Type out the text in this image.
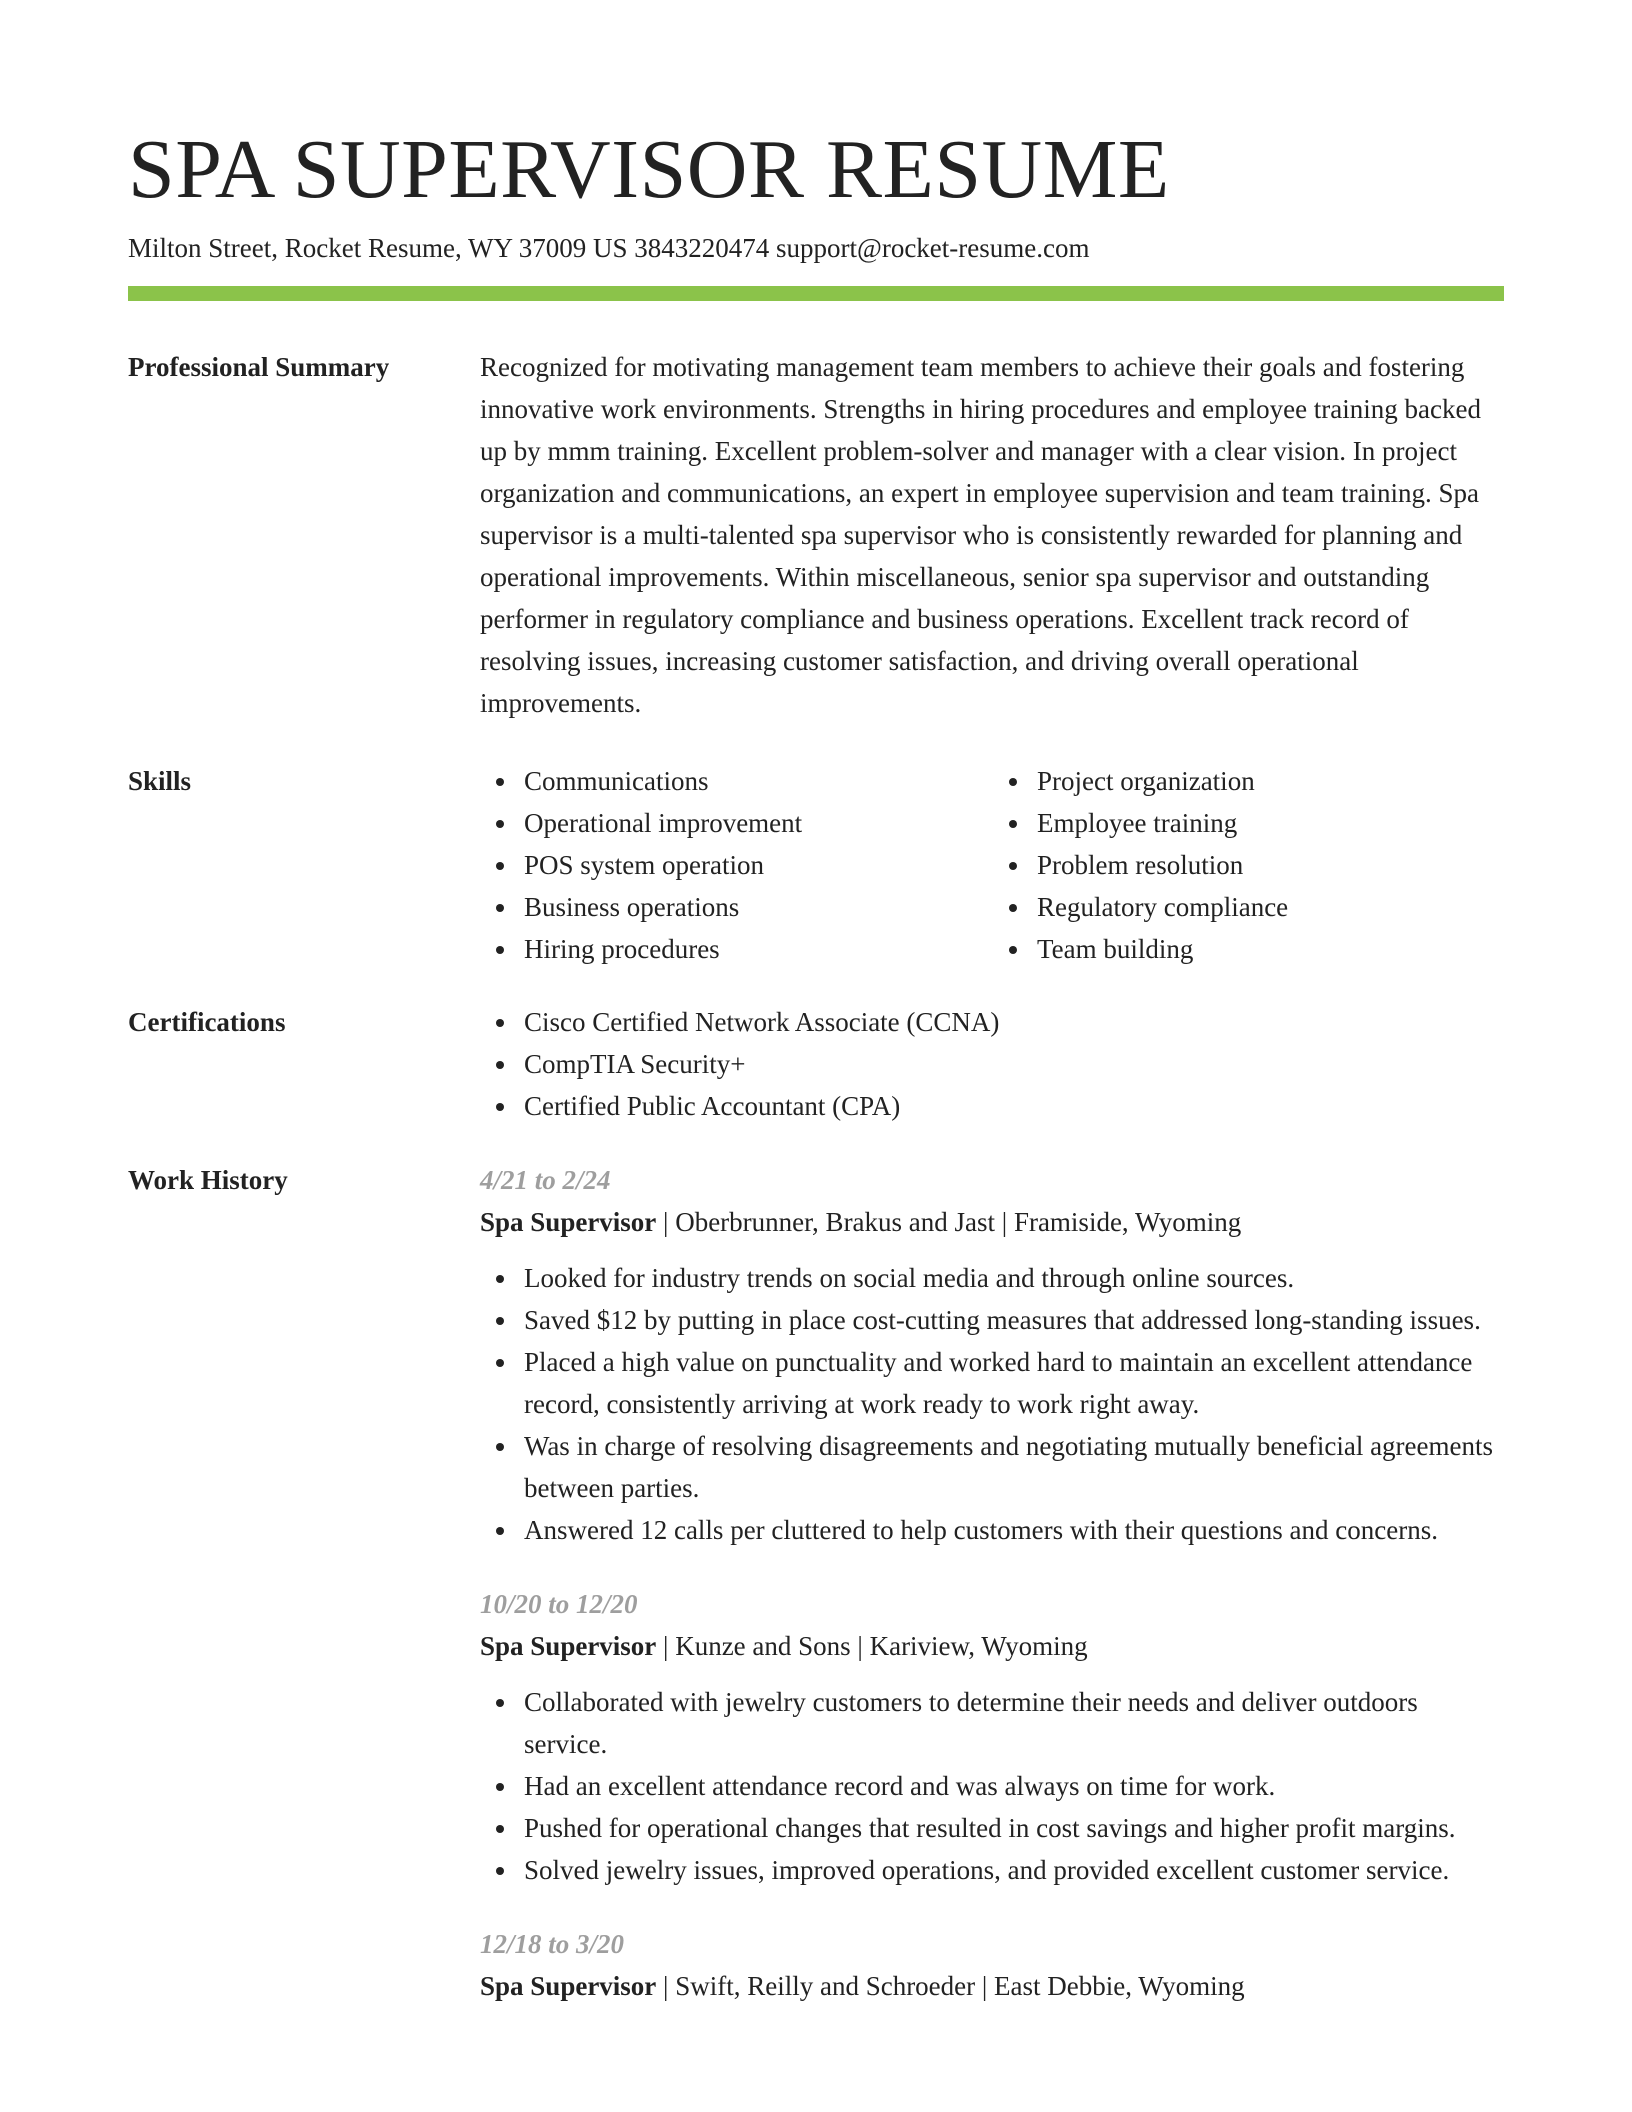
SPA SUPERVISOR RESUME
Milton Street, Rocket Resume, WY 37009 US 3843220474 support@rocket-resume.com
Professional Summary	Recognized for motivating management team members to achieve their goals and fostering innovative work environments. Strengths in hiring procedures and employee training backed up by mmm training. Excellent problem-solver and manager with a clear vision. In project organization and communications, an expert in employee supervision and team training. Spa supervisor is a multi-talented spa supervisor who is consistently rewarded for planning and operational improvements. Within miscellaneous, senior spa supervisor and outstanding performer in regulatory compliance and business operations. Excellent track record of resolving issues, increasing customer satisfaction, and driving overall operational improvements.

Skills	Communications
Operational improvement
POS system operation
Business operations
Hiring procedures
Project organization
Employee training
Problem resolution
Regulatory compliance
Team building
Certifications	Cisco Certified Network Associate (CCNA)
CompTIA Security+
Certified Public Accountant (CPA)
Work History	4/21 to 2/24
Spa Supervisor | Oberbrunner, Brakus and Jast | Framiside, Wyoming
Looked for industry trends on social media and through online sources.
Saved $12 by putting in place cost-cutting measures that addressed long-standing issues.
Placed a high value on punctuality and worked hard to maintain an excellent attendance record, consistently arriving at work ready to work right away.
Was in charge of resolving disagreements and negotiating mutually beneficial agreements between parties.
Answered 12 calls per cluttered to help customers with their questions and concerns.
10/20 to 12/20
Spa Supervisor | Kunze and Sons | Kariview, Wyoming
Collaborated with jewelry customers to determine their needs and deliver outdoors service.
Had an excellent attendance record and was always on time for work.
Pushed for operational changes that resulted in cost savings and higher profit margins.
Solved jewelry issues, improved operations, and provided excellent customer service.
12/18 to 3/20
Spa Supervisor | Swift, Reilly and Schroeder | East Debbie, Wyoming
